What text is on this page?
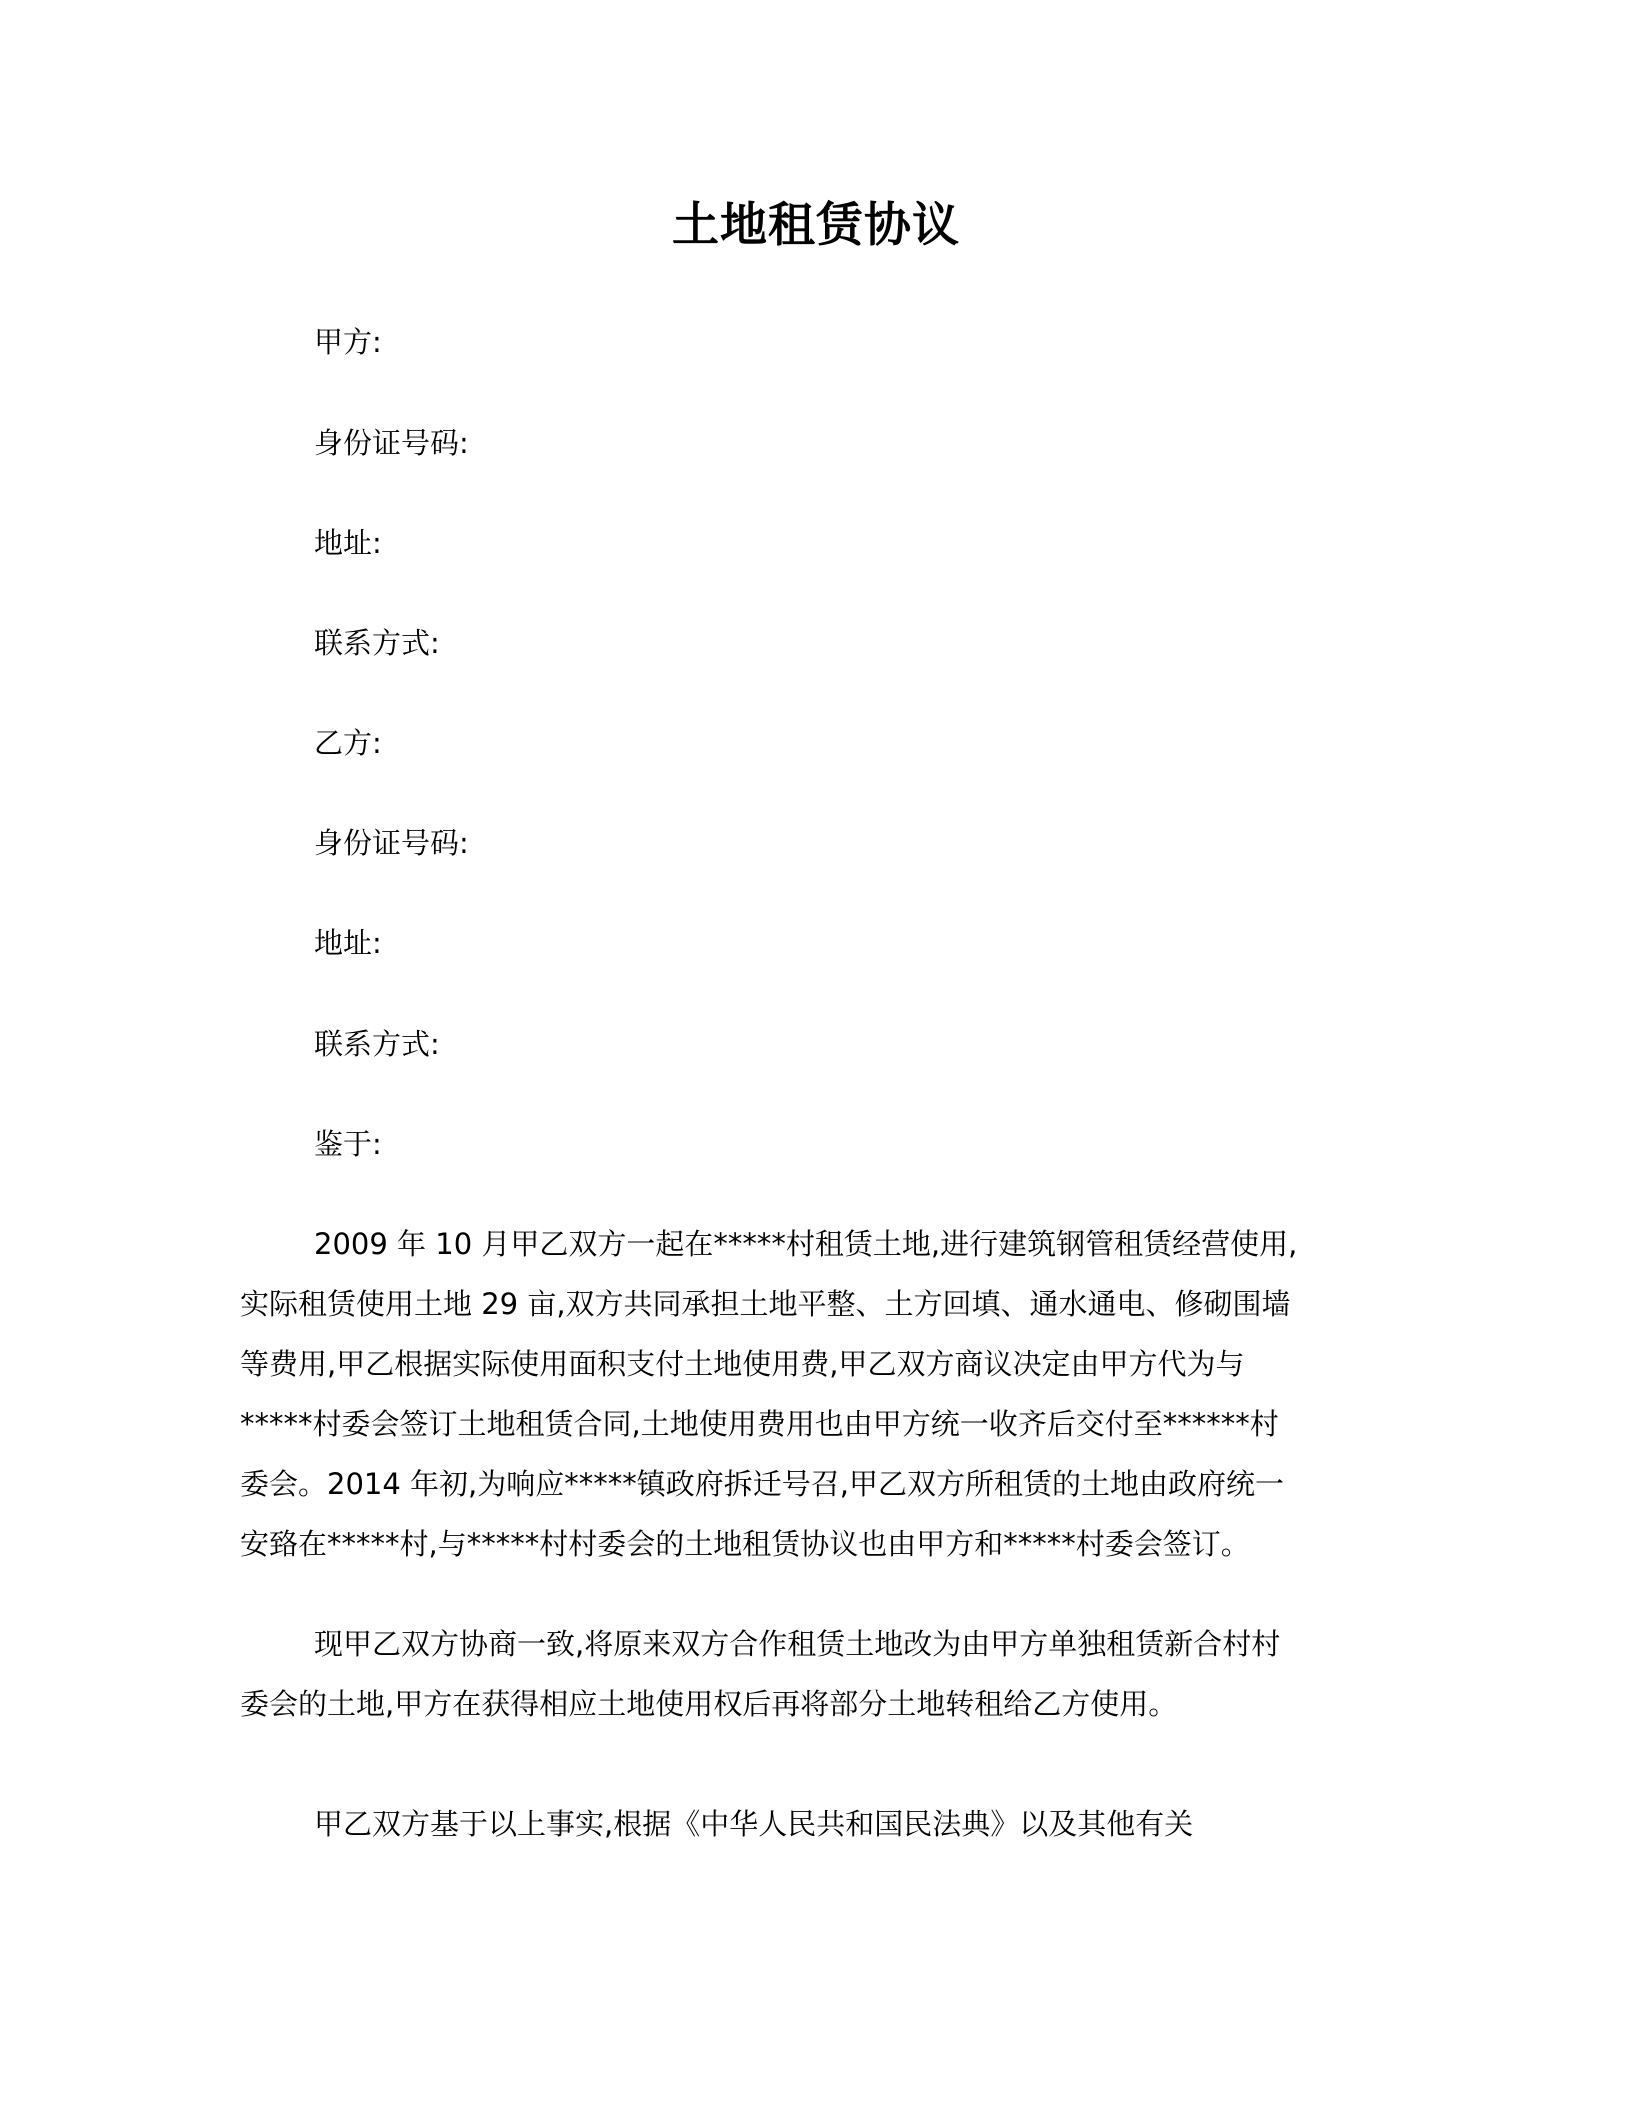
土地租赁协议
甲方:
身份证号码:
地址:
联系方式:
乙方:
身份证号码:
地址:
联系方式:
鉴于:
2009 年 10 月甲乙双方一起在*****村租赁土地,进行建筑钢管租赁经营使用,
实际租赁使用土地 29 亩,双方共同承担土地平整、土方回填、通水通电、修砌围墙
等费用,甲乙根据实际使用面积支付土地使用费,甲乙双方商议决定由甲方代为与
*****村委会签订土地租赁合同,土地使用费用也由甲方统一收齐后交付至******村
委会。2014 年初,为响应*****镇政府拆迁号召,甲乙双方所租赁的土地由政府统一
安臵在*****村,与*****村村委会的土地租赁协议也由甲方和*****村委会签订。
现甲乙双方协商一致,将原来双方合作租赁土地改为由甲方单独租赁新合村村
委会的土地,甲方在获得相应土地使用权后再将部分土地转租给乙方使用。
甲乙双方基于以上事实,根据《中华人民共和国民法典》以及其他有关
